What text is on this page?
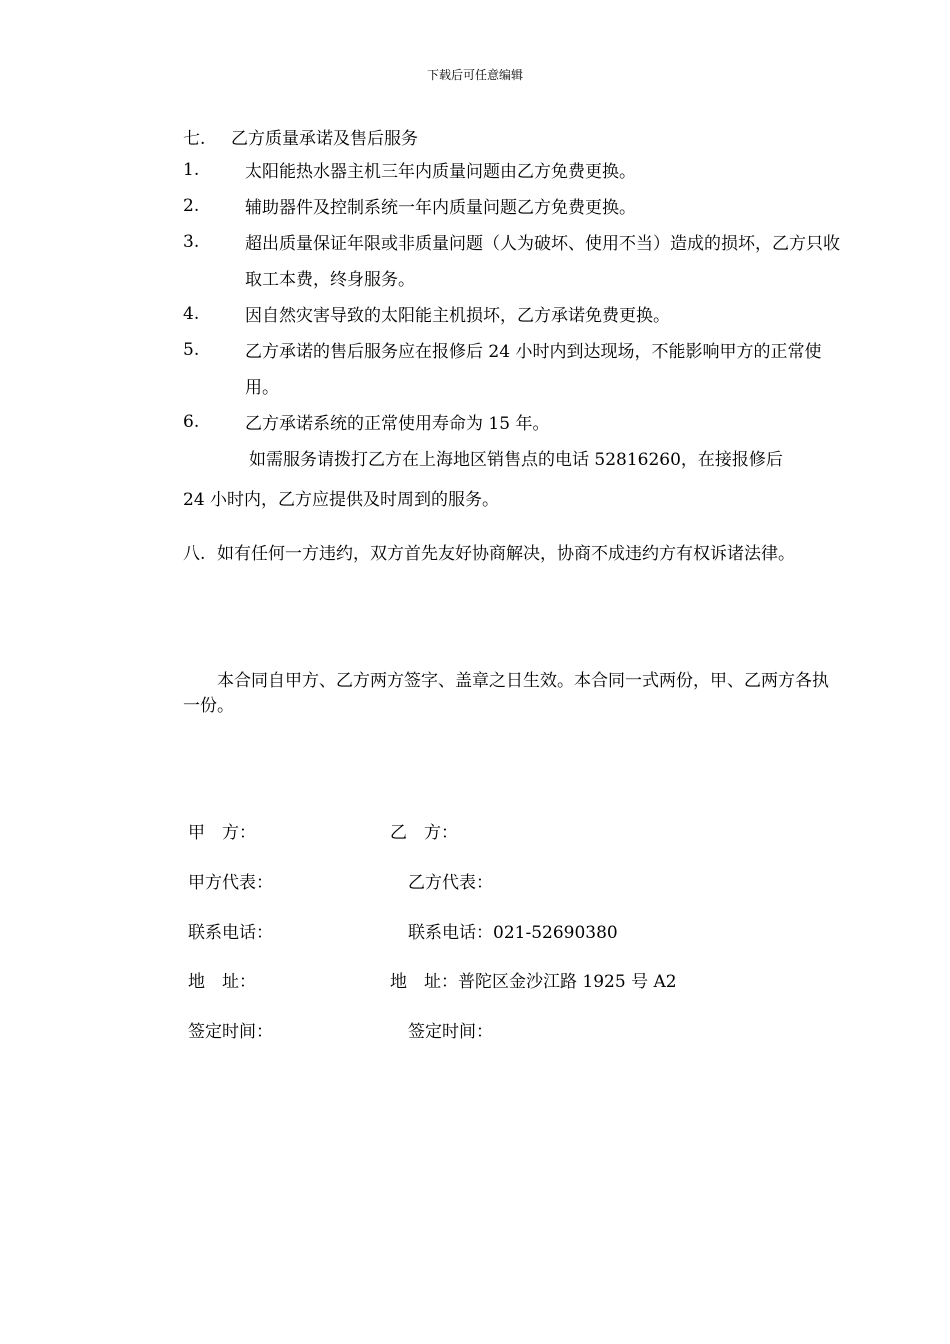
下载后可任意编辑
七. 乙方质量承诺及售后服务
1.	太阳能热水器主机三年内质量问题由乙方免费更换。
2.	辅助器件及控制系统一年内质量问题乙方免费更换。
3.	超出质量保证年限或非质量问题（人为破坏、使用不当）造成的损坏，乙方只收取工本费，终身服务。
4.	因自然灾害导致的太阳能主机损坏，乙方承诺免费更换。
5.	乙方承诺的售后服务应在报修后 24 小时内到达现场，不能影响甲方的正常使用。
6.	乙方承诺系统的正常使用寿命为 15 年。
如需服务请拨打乙方在上海地区销售点的电话 52816260，在接报修后
24 小时内，乙方应提供及时周到的服务。
八. 如有任何一方违约，双方首先友好协商解决，协商不成违约方有权诉诸法律。
本合同自甲方、乙方两方签字、盖章之日生效。本合同一式两份，甲、乙两方各执一份。
甲　方：	乙　方：
甲方代表：	乙方代表：
联系电话：	联系电话：021-52690380
地　址：	地　址：普陀区金沙江路 1925 号 A2
签定时间：	签定时间：
